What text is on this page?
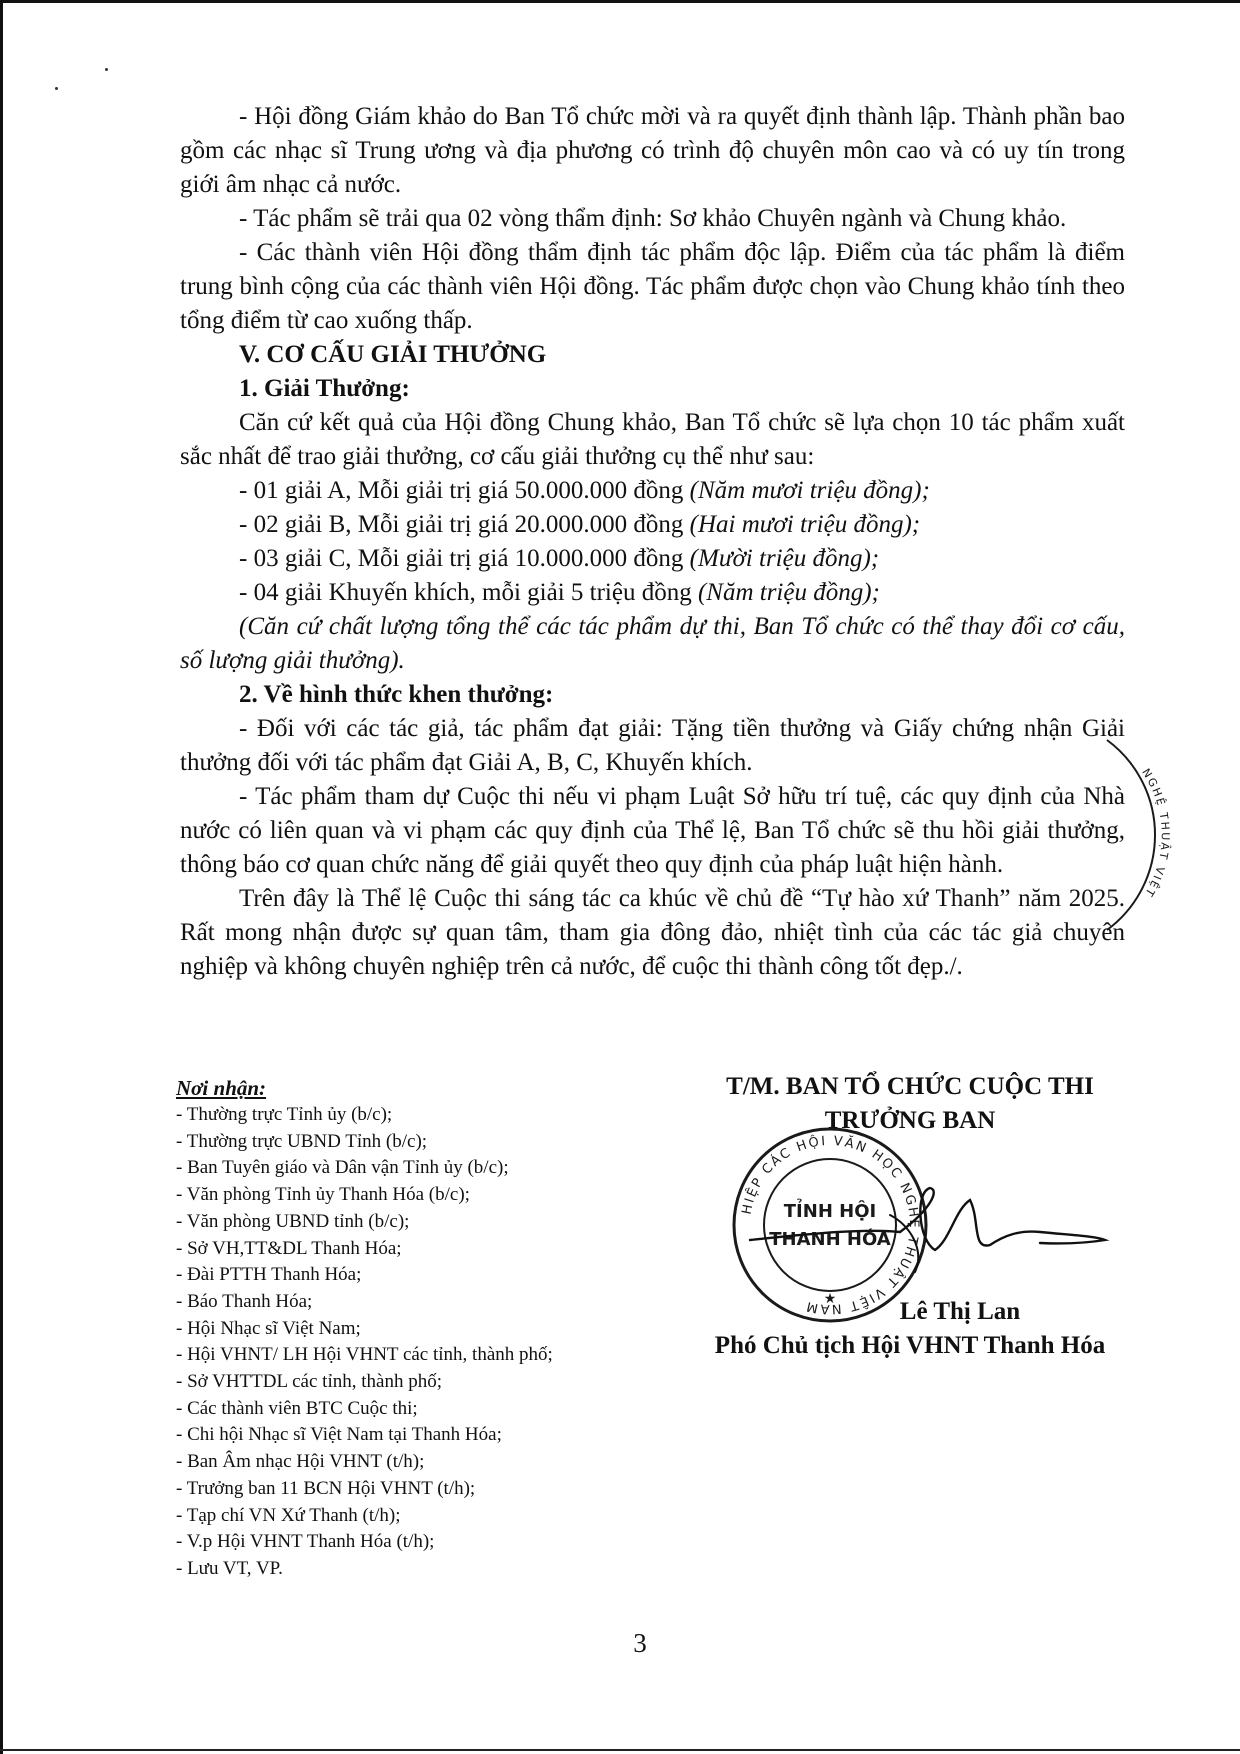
- Hội đồng Giám khảo do Ban Tổ chức mời và ra quyết định thành lập. Thành phần bao gồm các nhạc sĩ Trung ương và địa phương có trình độ chuyên môn cao và có uy tín trong giới âm nhạc cả nước.

- Tác phẩm sẽ trải qua 02 vòng thẩm định: Sơ khảo Chuyên ngành và Chung khảo.

- Các thành viên Hội đồng thẩm định tác phẩm độc lập. Điểm của tác phẩm là điểm trung bình cộng của các thành viên Hội đồng. Tác phẩm được chọn vào Chung khảo tính theo tổng điểm từ cao xuống thấp.

V. CƠ CẤU GIẢI THƯỞNG

1. Giải Thưởng:

Căn cứ kết quả của Hội đồng Chung khảo, Ban Tổ chức sẽ lựa chọn 10 tác phẩm xuất sắc nhất để trao giải thưởng, cơ cấu giải thưởng cụ thể như sau:

- 01 giải A, Mỗi giải trị giá 50.000.000 đồng (Năm mươi triệu đồng);

- 02 giải B, Mỗi giải trị giá 20.000.000 đồng (Hai mươi triệu đồng);

- 03 giải C, Mỗi giải trị giá 10.000.000 đồng (Mười triệu đồng);

- 04 giải Khuyến khích, mỗi giải 5 triệu đồng (Năm triệu đồng);

(Căn cứ chất lượng tổng thể các tác phẩm dự thi, Ban Tổ chức có thể thay đổi cơ cấu, số lượng giải thưởng).

2. Về hình thức khen thưởng:

- Đối với các tác giả, tác phẩm đạt giải: Tặng tiền thưởng và Giấy chứng nhận Giải thưởng đối với tác phẩm đạt Giải A, B, C, Khuyến khích.

- Tác phẩm tham dự Cuộc thi nếu vi phạm Luật Sở hữu trí tuệ, các quy định của Nhà nước có liên quan và vi phạm các quy định của Thể lệ, Ban Tổ chức sẽ thu hồi giải thưởng, thông báo cơ quan chức năng để giải quyết theo quy định của pháp luật hiện hành.

Trên đây là Thể lệ Cuộc thi sáng tác ca khúc về chủ đề “Tự hào xứ Thanh” năm 2025. Rất mong nhận được sự quan tâm, tham gia đông đảo, nhiệt tình của các tác giả chuyên nghiệp và không chuyên nghiệp trên cả nước, để cuộc thi thành công tốt đẹp./.

Nơi nhận:
- Thường trực Tỉnh ủy (b/c);
- Thường trực UBND Tỉnh (b/c);
- Ban Tuyên giáo và Dân vận Tỉnh ủy (b/c);
- Văn phòng Tỉnh ủy Thanh Hóa (b/c);
- Văn phòng UBND tỉnh (b/c);
- Sở VH,TT&DL Thanh Hóa;
- Đài PTTH Thanh Hóa;
- Báo Thanh Hóa;
- Hội Nhạc sĩ Việt Nam;
- Hội VHNT/ LH Hội VHNT các tỉnh, thành phố;
- Sở VHTTDL các tỉnh, thành phố;
- Các thành viên BTC Cuộc thi;
- Chi hội Nhạc sĩ Việt Nam tại Thanh Hóa;
- Ban Âm nhạc Hội VHNT (t/h);
- Trưởng ban 11 BCN Hội VHNT (t/h);
- Tạp chí VN Xứ Thanh (t/h);
- V.p Hội VHNT Thanh Hóa (t/h);
- Lưu VT, VP.
T/M. BAN TỔ CHỨC CUỘC THI
TRƯỞNG BAN
HIỆP CÁC HỘI VĂN HỌC NGHỆ THUẬT VIỆT NAM
TỈNH HỘI
THANH HÓA
★	Lê Thị Lan
Phó Chủ tịch Hội VHNT Thanh Hóa
NGHỆ THUẬT VIỆT
3
